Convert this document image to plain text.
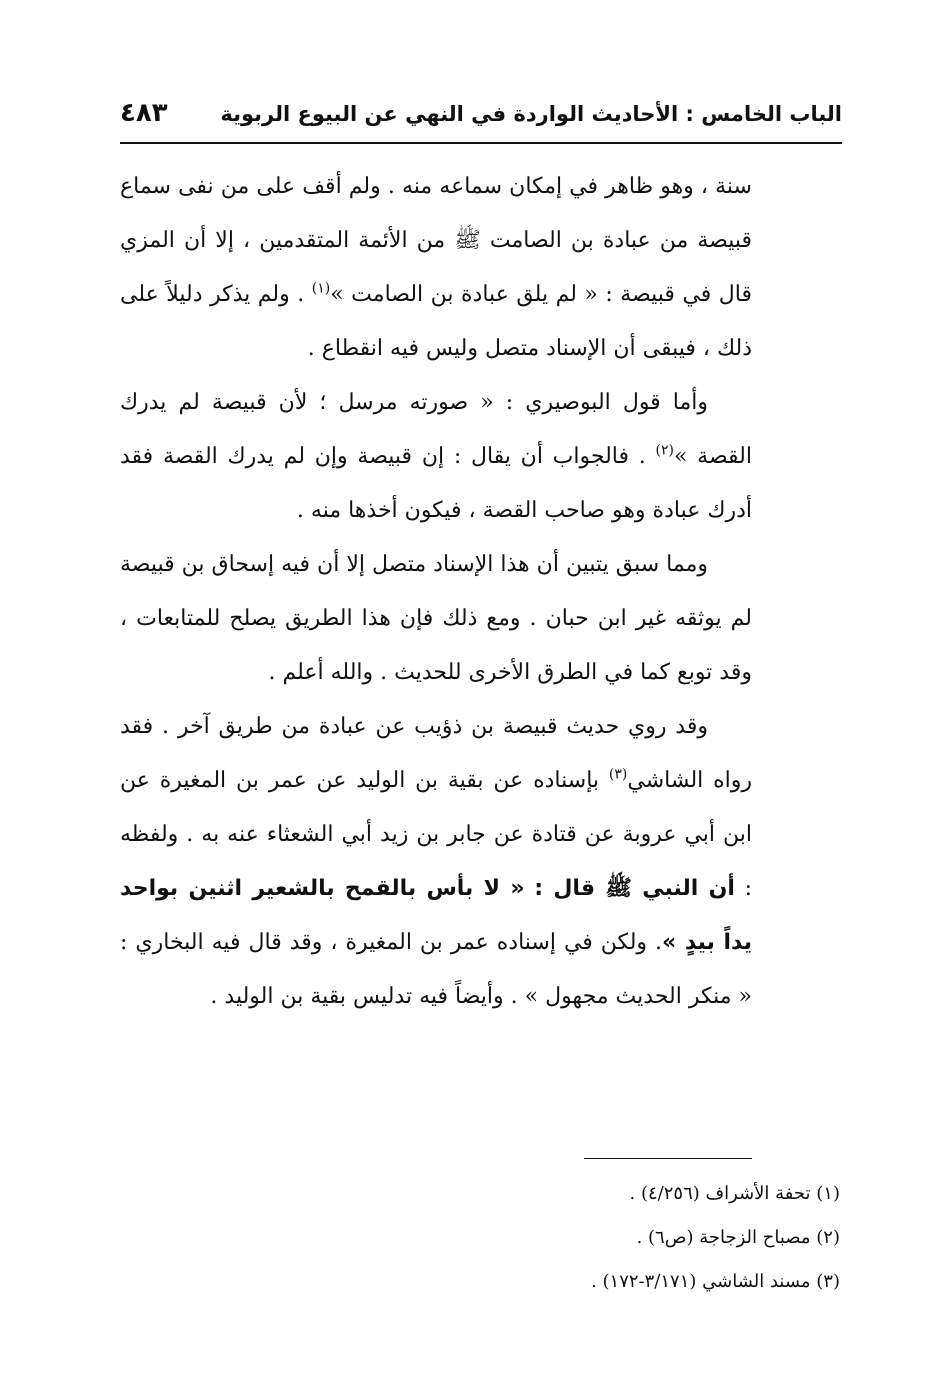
الباب الخامس : الأحاديث الواردة في النهي عن البيوع الربوية
٤٨٣

سنة ، وهو ظاهر في إمكان سماعه منه . ولم أقف على من نفى سماع قبيصة من عبادة بن الصامت ﷺ من الأئمة المتقدمين ، إلا أن المزي قال في قبيصة : « لم يلق عبادة بن الصامت »$^{(١)}$ . ولم يذكر دليلاً على ذلك ، فيبقى أن الإسناد متصل وليس فيه انقطاع .

وأما قول البوصيري : « صورته مرسل ؛ لأن قبيصة لم يدرك القصة »$^{(٢)}$ . فالجواب أن يقال : إن قبيصة وإن لم يدرك القصة فقد أدرك عبادة وهو صاحب القصة ، فيكون أخذها منه .

ومما سبق يتبين أن هذا الإسناد متصل إلا أن فيه إسحاق بن قبيصة لم يوثقه غير ابن حبان . ومع ذلك فإن هذا الطريق يصلح للمتابعات ، وقد توبع كما في الطرق الأخرى للحديث . والله أعلم .

وقد روي حديث قبيصة بن ذؤيب عن عبادة من طريق آخر . فقد رواه الشاشي$^{(٣)}$ بإسناده عن بقية بن الوليد عن عمر بن المغيرة عن ابن أبي عروبة عن قتادة عن جابر بن زيد أبي الشعثاء عنه به . ولفظه : أن النبي ﷺ قال : « لا بأس بالقمح بالشعير اثنين بواحد يداً بيدٍ ». ولكن في إسناده عمر بن المغيرة ، وقد قال فيه البخاري : « منكر الحديث مجهول » . وأيضاً فيه تدليس بقية بن الوليد .

(١) تحفة الأشراف (٤/٢٥٦) .
(٢) مصباح الزجاجة (ص٦) .
(٣) مسند الشاشي (٣/١٧١-١٧٢) .
